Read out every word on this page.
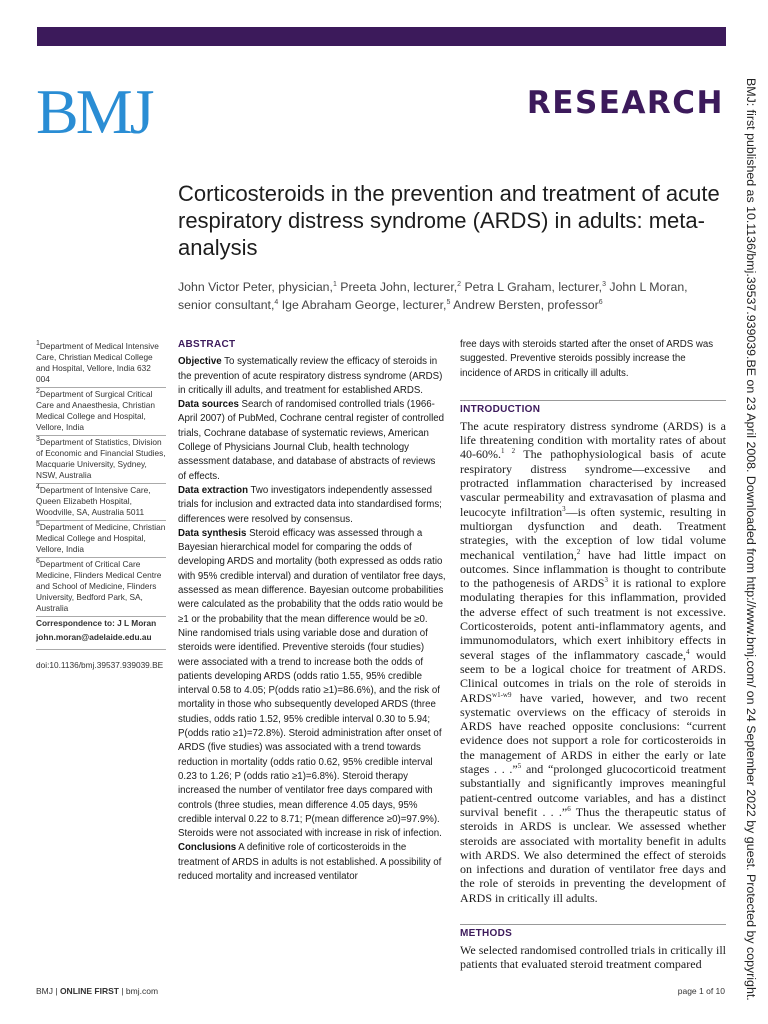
BMJ	RESEARCH BMJ: first published as 10.1136/bmj.39537.939039.BE on 23 April 2008. Downloaded from http://www.bmj.com/ on 24 September 2022 by guest. Protected by copyright.
Corticosteroids in the prevention and treatment of acute respiratory distress syndrome (ARDS) in adults: meta-analysis

John Victor Peter, physician,$^1$ Preeta John, lecturer,$^2$ Petra L Graham, lecturer,$^3$ John L Moran, senior consultant,$^4$ Ige Abraham George, lecturer,$^5$ Andrew Bersten, professor$^6$

$^1$Department of Medical Intensive Care, Christian Medical College and Hospital, Vellore, India 632 004

$^2$Department of Surgical Critical Care and Anaesthesia, Christian Medical College and Hospital, Vellore, India

$^3$Department of Statistics, Division of Economic and Financial Studies, Macquarie University, Sydney, NSW, Australia

$^4$Department of Intensive Care, Queen Elizabeth Hospital, Woodville, SA, Australia 5011

$^5$Department of Medicine, Christian Medical College and Hospital, Vellore, India

$^6$Department of Critical Care Medicine, Flinders Medical Centre and School of Medicine, Flinders University, Bedford Park, SA, Australia

Correspondence to: J L Moran

john.moran@adelaide.edu.au

doi:10.1136/bmj.39537.939039.BE

ABSTRACT

Objective To systematically review the efficacy of steroids in the prevention of acute respiratory distress syndrome (ARDS) in critically ill adults, and treatment for established ARDS.

Data sources Search of randomised controlled trials (1966-April 2007) of PubMed, Cochrane central register of controlled trials, Cochrane database of systematic reviews, American College of Physicians Journal Club, health technology assessment database, and database of abstracts of reviews of effects.

Data extraction Two investigators independently assessed trials for inclusion and extracted data into standardised forms; differences were resolved by consensus.

Data synthesis Steroid efficacy was assessed through a Bayesian hierarchical model for comparing the odds of developing ARDS and mortality (both expressed as odds ratio with 95% credible interval) and duration of ventilator free days, assessed as mean difference. Bayesian outcome probabilities were calculated as the probability that the odds ratio would be ≥1 or the probability that the mean difference would be ≥0. Nine randomised trials using variable dose and duration of steroids were identified. Preventive steroids (four studies) were associated with a trend to increase both the odds of patients developing ARDS (odds ratio 1.55, 95% credible interval 0.58 to 4.05; P(odds ratio ≥1)=86.6%), and the risk of mortality in those who subsequently developed ARDS (three studies, odds ratio 1.52, 95% credible interval 0.30 to 5.94; P(odds ratio ≥1)=72.8%). Steroid administration after onset of ARDS (five studies) was associated with a trend towards reduction in mortality (odds ratio 0.62, 95% credible interval 0.23 to 1.26; P (odds ratio ≥1)=6.8%). Steroid therapy increased the number of ventilator free days compared with controls (three studies, mean difference 4.05 days, 95% credible interval 0.22 to 8.71; P(mean difference ≥0)=97.9%). Steroids were not associated with increase in risk of infection.

Conclusions A definitive role of corticosteroids in the treatment of ARDS in adults is not established. A possibility of reduced mortality and increased ventilator

free days with steroids started after the onset of ARDS was suggested. Preventive steroids possibly increase the incidence of ARDS in critically ill adults.

INTRODUCTION

The acute respiratory distress syndrome (ARDS) is a life threatening condition with mortality rates of about 40-60%.$^{1 2}$ The pathophysiological basis of acute respiratory distress syndrome—excessive and protracted inflammation characterised by increased vascular permeability and extravasation of plasma and leucocyte infiltration$^3$—is often systemic, resulting in multiorgan dysfunction and death. Treatment strategies, with the exception of low tidal volume mechanical ventilation,$^2$ have had little impact on outcomes. Since inflammation is thought to contribute to the pathogenesis of ARDS$^3$ it is rational to explore modulating therapies for this inflammation, provided the adverse effect of such treatment is not excessive. Corticosteroids, potent anti-inflammatory agents, and immunomodulators, which exert inhibitory effects in several stages of the inflammatory cascade,$^4$ would seem to be a logical choice for treatment of ARDS. Clinical outcomes in trials on the role of steroids in $ARDS^{w1-w9}$ have varied, however, and two recent systematic overviews on the efficacy of steroids in ARDS have reached opposite conclusions: “current evidence does not support a role for corticosteroids in the management of ARDS in either the early or late stages . . .”$^5$ and “prolonged glucocorticoid treatment substantially and significantly improves meaningful patient-centred outcome variables, and has a distinct survival benefit . . .”$^6$ Thus the therapeutic status of steroids in ARDS is unclear. We assessed whether steroids are associated with mortality benefit in adults with ARDS. We also determined the effect of steroids on infections and duration of ventilator free days and the role of steroids in preventing the development of ARDS in critically ill adults.

METHODS

We selected randomised controlled trials in critically ill patients that evaluated steroid treatment compared

BMJ | ONLINE FIRST | bmj.com	page 1 of 10
